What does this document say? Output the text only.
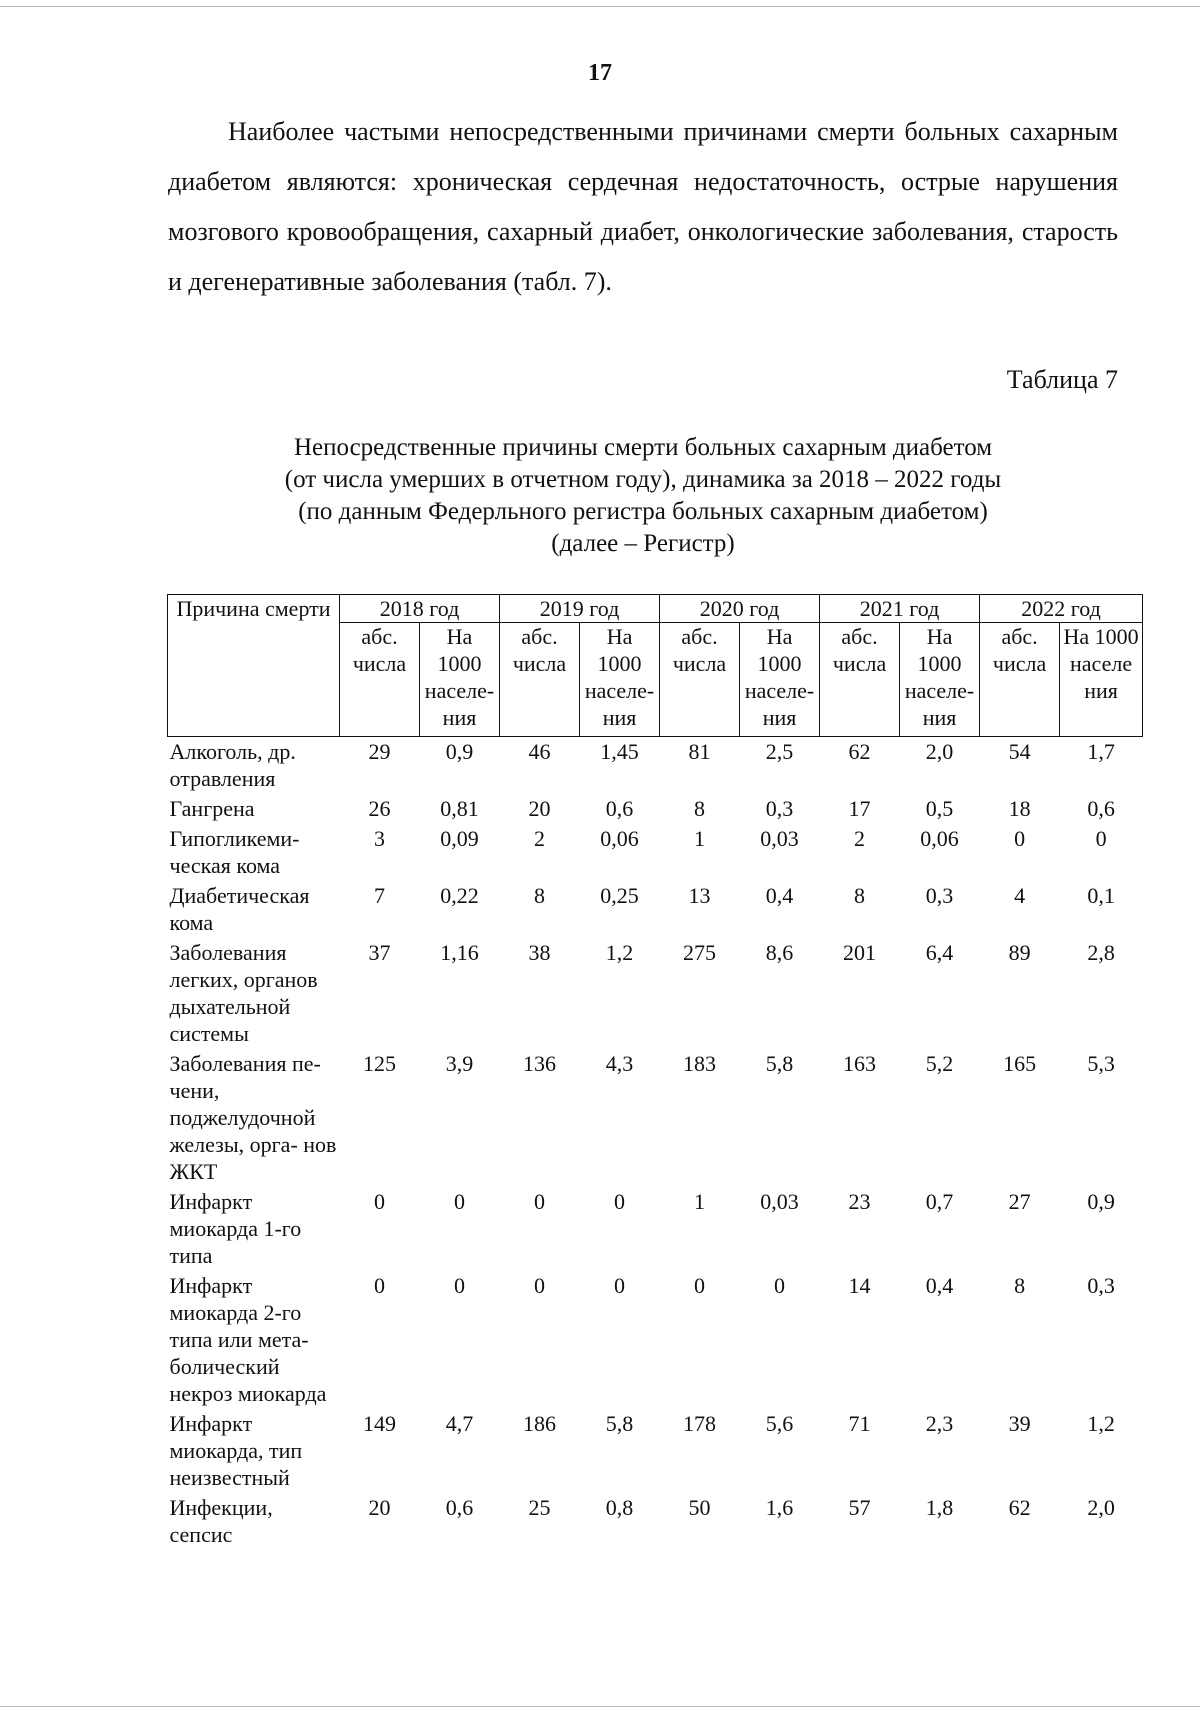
17

Наиболее частыми непосредственными причинами смерти больных сахарным диабетом являются: хроническая сердечная недостаточность, острые нарушения мозгового кровообращения, сахарный диабет, онкологические заболевания, старость и дегенеративные заболевания (табл. 7).

Таблица 7
Непосредственные причины смерти больных сахарным диабетом
(от числа умерших в отчетном году), динамика за 2018 – 2022 годы
(по данным Федерльного регистра больных сахарным диабетом)
(далее – Регистр)
Причина смерти	2018 год		2019 год		2020 год		2021 год		2022 год	
	абс. числа	На 1000 населе- ния	абс. числа	На 1000 населе- ния	абс. числа	На 1000 населе- ния	абс. числа	На 1000 населе- ния	абс. числа	На 1000 населе ния
Алкоголь, др. отравления	29	0,9	46	1,45	81	2,5	62	2,0	54	1,7
Гангрена	26	0,81	20	0,6	8	0,3	17	0,5	18	0,6
Гипогликеми- ческая кома	3	0,09	2	0,06	1	0,03	2	0,06	0	0
Диабетическая кома	7	0,22	8	0,25	13	0,4	8	0,3	4	0,1
Заболевания легких, органов дыхательной системы	37	1,16	38	1,2	275	8,6	201	6,4	89	2,8
Заболевания пе- чени, поджелудочной железы, орга- нов ЖКТ	125	3,9	136	4,3	183	5,8	163	5,2	165	5,3
Инфаркт миокарда 1-го типа	0	0	0	0	1	0,03	23	0,7	27	0,9
Инфаркт миокарда 2-го типа или мета- болический некроз миокарда	0	0	0	0	0	0	14	0,4	8	0,3
Инфаркт миокарда, тип неизвестный	149	4,7	186	5,8	178	5,6	71	2,3	39	1,2
Инфекции, сепсис	20	0,6	25	0,8	50	1,6	57	1,8	62	2,0
